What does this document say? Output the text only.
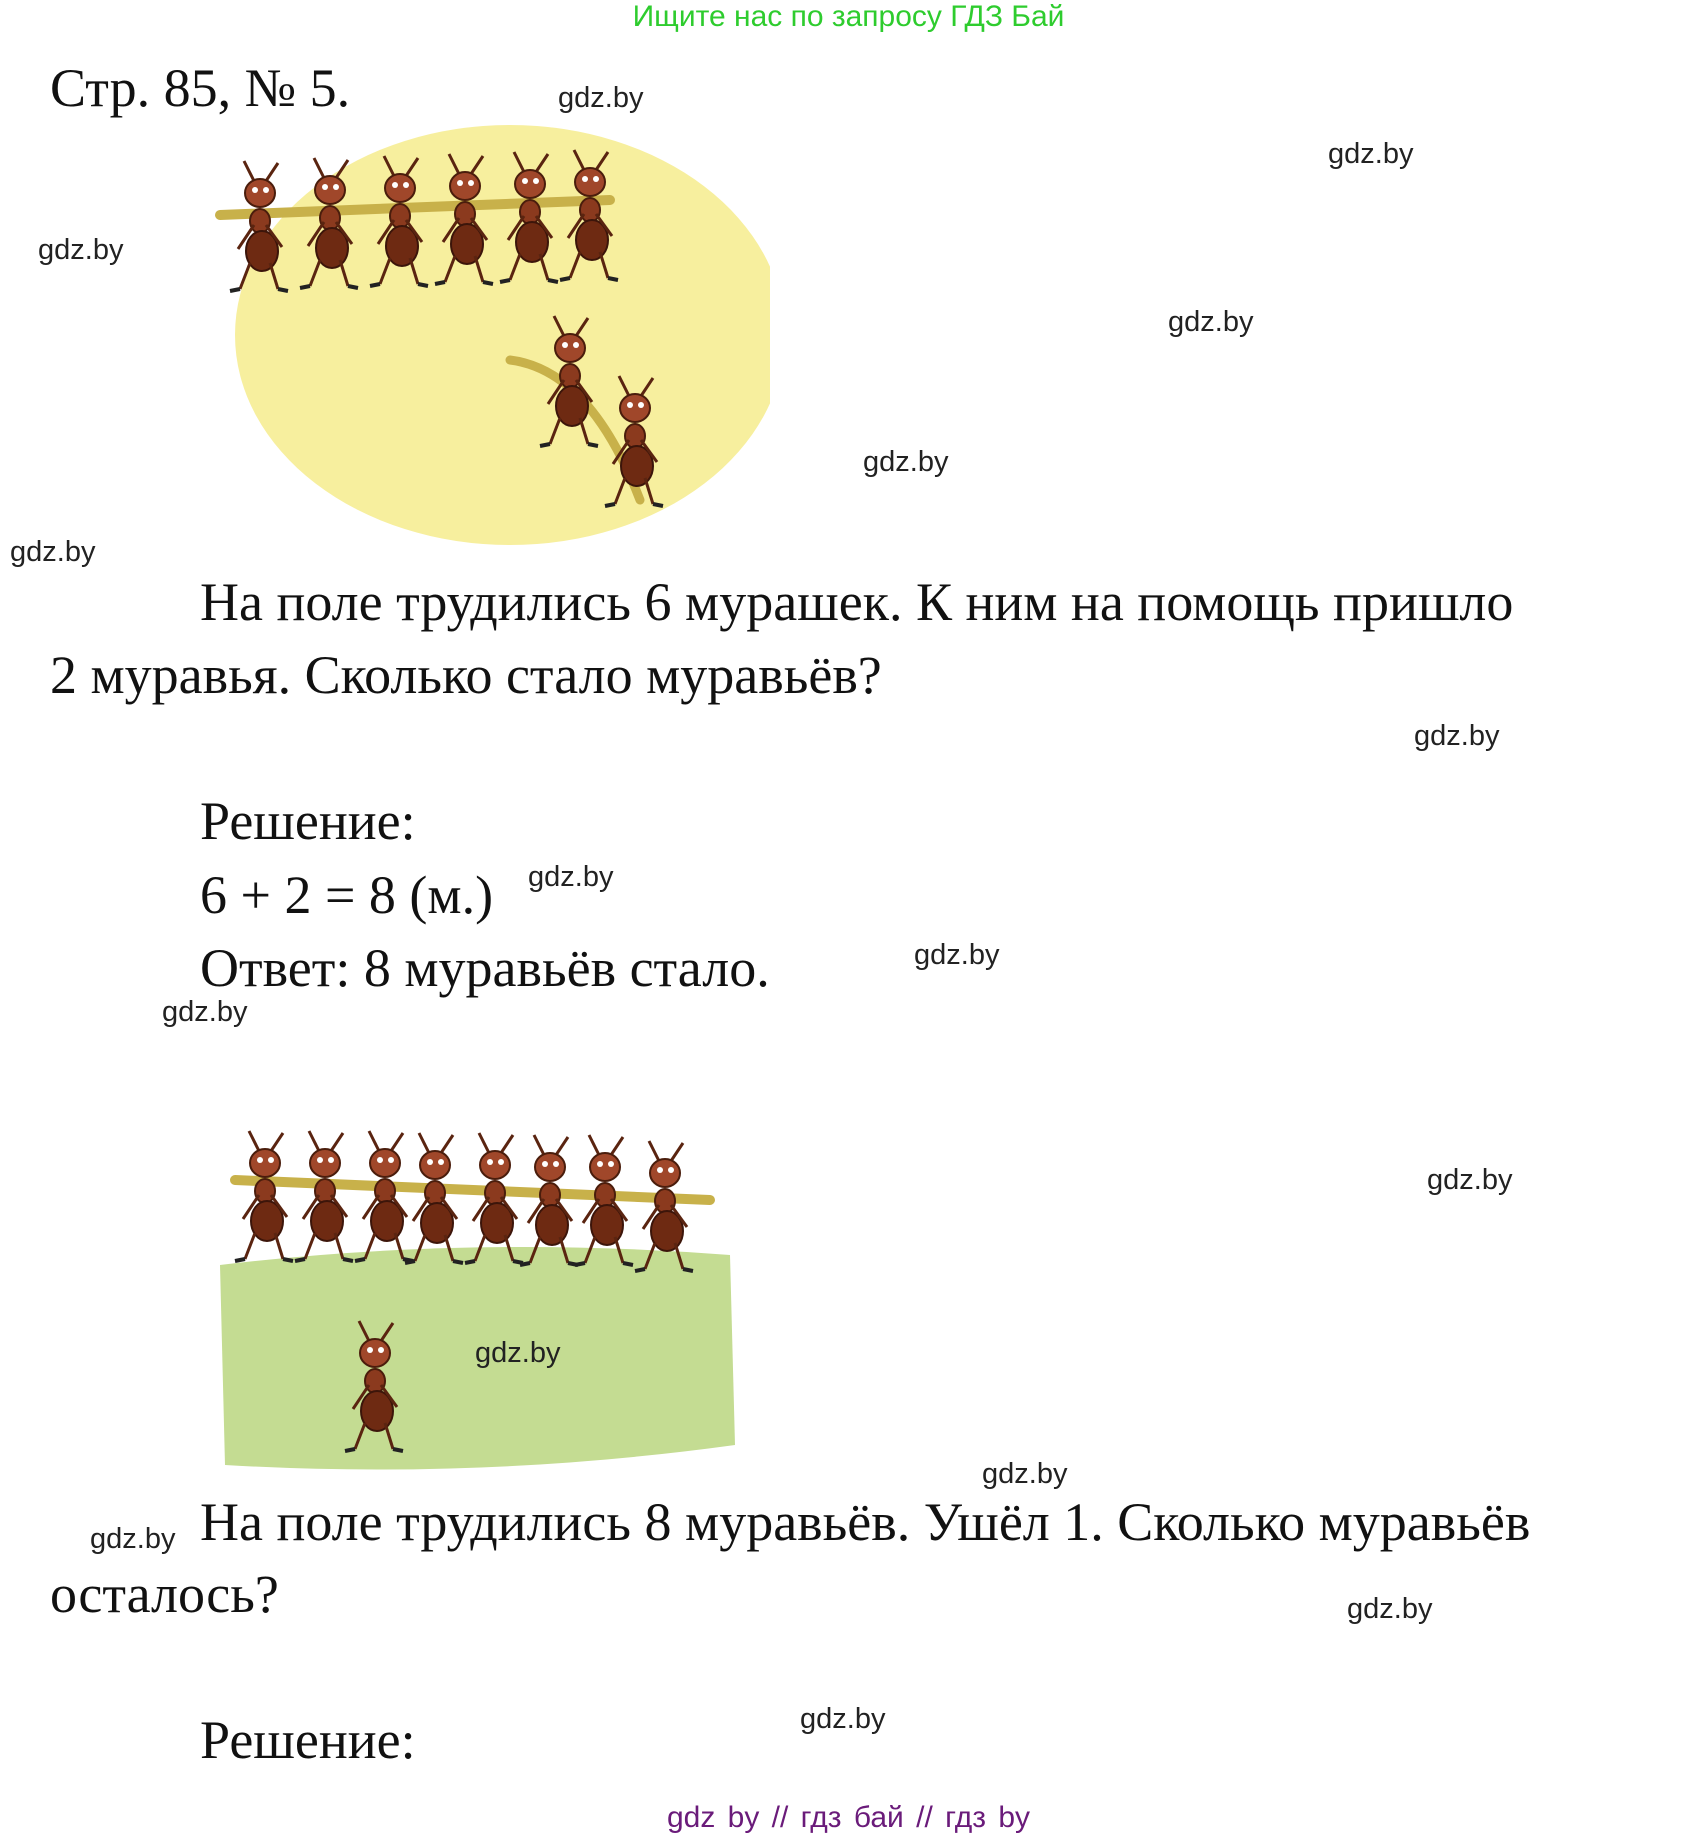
Ищите нас по запросу ГДЗ Бай
Стр. 85, № 5.
На поле трудились 6 мурашек. К ним на помощь пришло
2 муравья. Сколько стало муравьёв?
Решение:
6 + 2 = 8 (м.)
Ответ: 8 муравьёв стало.
На поле трудились 8 муравьёв. Ушёл 1. Сколько муравьёв
осталось?
Решение:
gdz.by
gdz.by
gdz.by
gdz.by
gdz.by
gdz.by
gdz.by
gdz.by
gdz.by
gdz.by
gdz.by
gdz.by
gdz.by
gdz.by
gdz.by
gdz.by
gdz by // гдз бай // гдз by
